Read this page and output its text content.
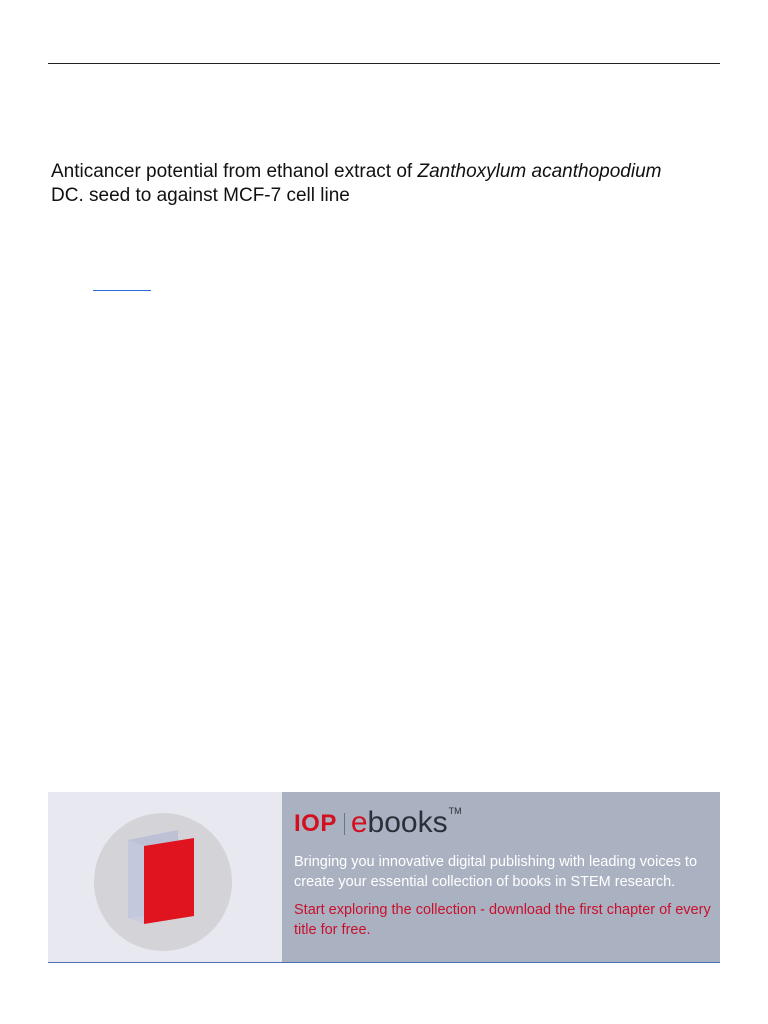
Anticancer potential from ethanol extract of Zanthoxylum acanthopodium
DC. seed to against MCF-7 cell line
IOP e books TM
Bringing you innovative digital publishing with leading voices to create your essential collection of books in STEM research.
Start exploring the collection - download the first chapter of every title for free.
